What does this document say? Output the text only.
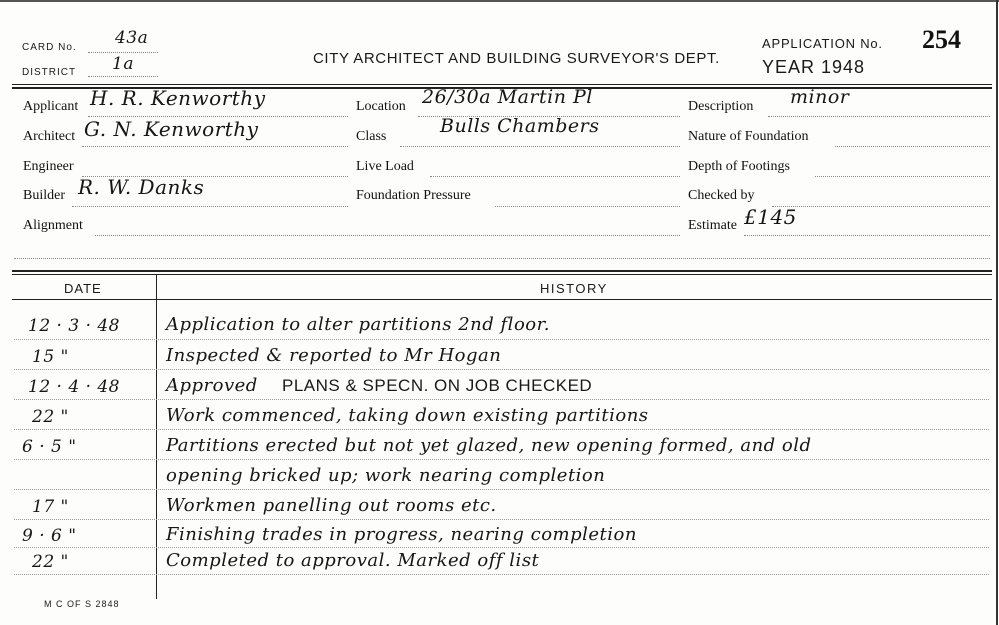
CARD No. 43a
DISTRICT 1a	CITY ARCHITECT AND BUILDING SURVEYOR'S DEPT.
APPLICATION No. 254
YEAR 1948
Applicant H. R. Kenworthy
Architect G. N. Kenworthy
Engineer
Builder R. W. Danks
Alignment
Location 26/30a Martin Pl
Class	Bulls Chambers
Live Load
Foundation Pressure
Description minor
Nature of Foundation
Depth of Footings
Checked by
Estimate £145
DATE	HISTORY
12 · 3 · 48	Application to alter partitions 2nd floor.
15 "	Inspected & reported to Mr Hogan
12 · 4 · 48	Approved PLANS & SPECN. ON JOB CHECKED
22 "	Work commenced, taking down existing partitions
6 · 5 "	Partitions erected but not yet glazed, new opening formed, and old
opening bricked up; work nearing completion
17 "	Workmen panelling out rooms etc.
9 · 6 "	Finishing trades in progress, nearing completion
22 "	Completed to approval. Marked off list
M C OF S 2848
